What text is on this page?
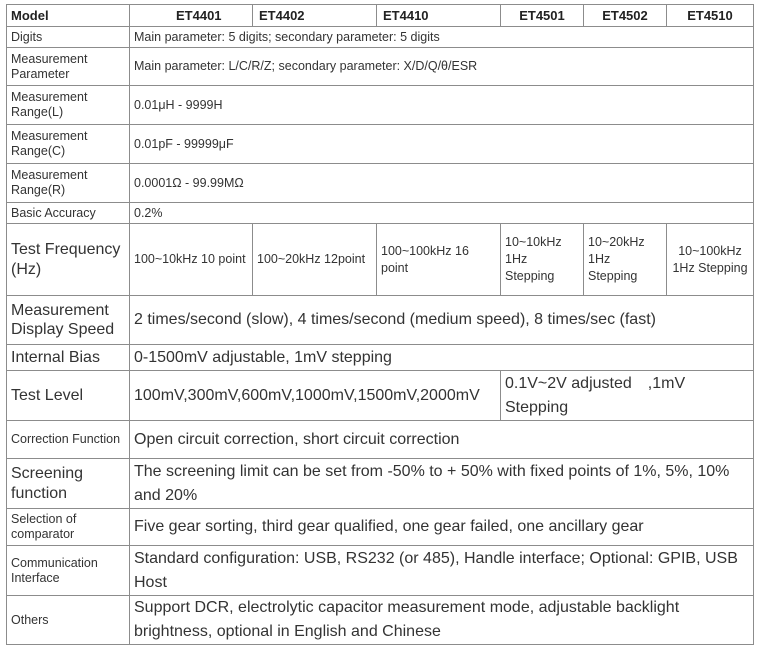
Model	ET4401	ET4402	ET4410	ET4501	ET4502	ET4510
Digits	Main parameter: 5 digits; secondary parameter: 5 digits					
Measurement Parameter	Main parameter: L/C/R/Z; secondary parameter: X/D/Q/θ/ESR					
Measurement Range(L)	0.01μH - 9999H					
Measurement Range(C)	0.01pF - 99999μF					
Measurement Range(R)	0.0001Ω - 99.99MΩ					
Basic Accuracy	0.2%					
Test Frequency (Hz)	100~10kHz 10 point	100~20kHz 12point	100~100kHz 16 point	10~10kHz 1Hz Stepping	10~20kHz 1Hz Stepping	10~100kHz 1Hz Stepping
Measurement Display Speed	2 times/second (slow), 4 times/second (medium speed), 8 times/sec (fast)					
Internal Bias	0-1500mV adjustable, 1mV stepping					
Test Level	100mV,300mV,600mV,1000mV,1500mV,2000mV			0.1V~2V adjusted　,1mV Stepping		
Correction Function	Open circuit correction, short circuit correction					
Screening function	The screening limit can be set from -50% to + 50% with fixed points of 1%, 5%, 10% and 20%					
Selection of comparator	Five gear sorting, third gear qualified, one gear failed, one ancillary gear					
Communication Interface	Standard configuration: USB, RS232 (or 485), Handle interface; Optional: GPIB, USB Host					
Others	Support DCR, electrolytic capacitor measurement mode, adjustable backlight brightness, optional in English and Chinese					
